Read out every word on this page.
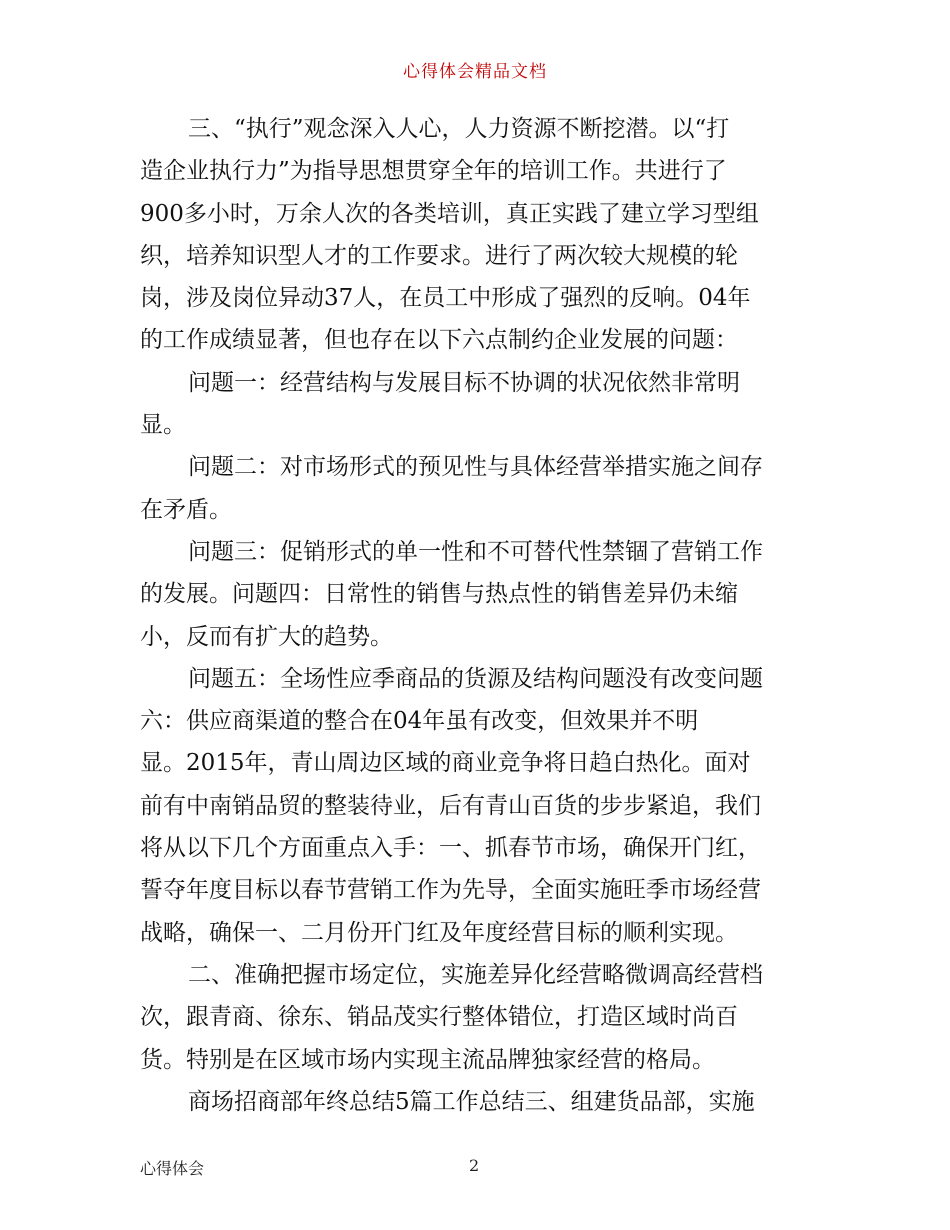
心得体会精品文档
三、“执行”观念深入人心，人力资源不断挖潜。以“打
造企业执行力”为指导思想贯穿全年的培训工作。共进行了
900多小时，万余人次的各类培训，真正实践了建立学习型组
织，培养知识型人才的工作要求。进行了两次较大规模的轮
岗，涉及岗位异动37人，在员工中形成了强烈的反响。04年
的工作成绩显著，但也存在以下六点制约企业发展的问题：
问题一：经营结构与发展目标不协调的状况依然非常明
显。
问题二：对市场形式的预见性与具体经营举措实施之间存
在矛盾。
问题三：促销形式的单一性和不可替代性禁锢了营销工作
的发展。问题四：日常性的销售与热点性的销售差异仍未缩
小，反而有扩大的趋势。
问题五：全场性应季商品的货源及结构问题没有改变问题
六：供应商渠道的整合在04年虽有改变，但效果并不明
显。2015年，青山周边区域的商业竞争将日趋白热化。面对
前有中南销品贸的整装待业，后有青山百货的步步紧追，我们
将从以下几个方面重点入手：一、抓春节市场，确保开门红，
誓夺年度目标以春节营销工作为先导，全面实施旺季市场经营
战略，确保一、二月份开门红及年度经营目标的顺利实现。
二、准确把握市场定位，实施差异化经营略微调高经营档
次，跟青商、徐东、销品茂实行整体错位，打造区域时尚百
货。特别是在区域市场内实现主流品牌独家经营的格局。
商场招商部年终总结5篇工作总结三、组建货品部，实施
心得体会	2
